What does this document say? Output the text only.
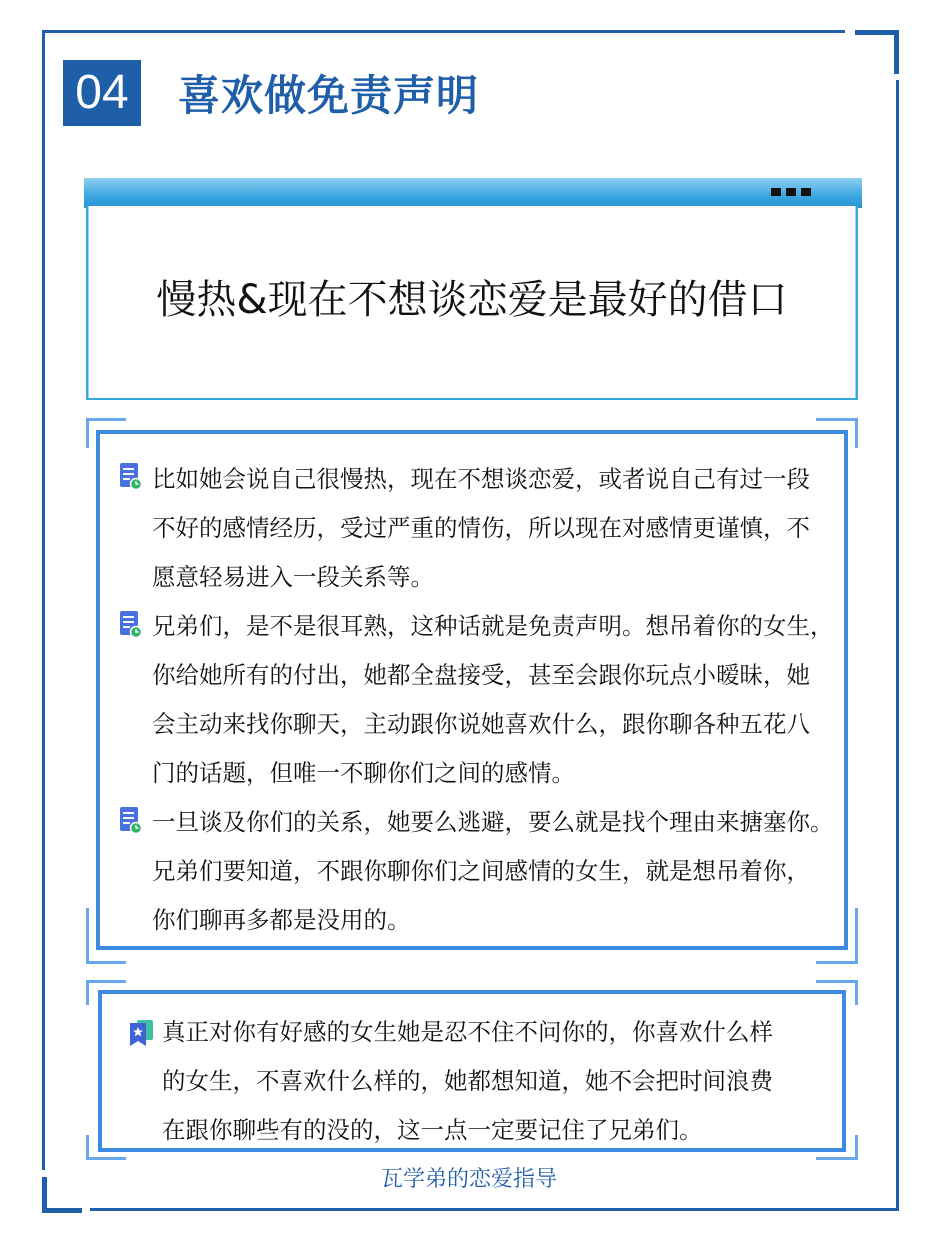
04 喜欢做免责声明
慢热&现在不想谈恋爱是最好的借口
比如她会说自己很慢热，现在不想谈恋爱，或者说自己有过一段
不好的感情经历，受过严重的情伤，所以现在对感情更谨慎，不
愿意轻易进入一段关系等。
兄弟们，是不是很耳熟，这种话就是免责声明。想吊着你的女生，
你给她所有的付出，她都全盘接受，甚至会跟你玩点小暧昧，她
会主动来找你聊天，主动跟你说她喜欢什么，跟你聊各种五花八
门的话题，但唯一不聊你们之间的感情。
一旦谈及你们的关系，她要么逃避，要么就是找个理由来搪塞你。
兄弟们要知道，不跟你聊你们之间感情的女生，就是想吊着你，
你们聊再多都是没用的。
真正对你有好感的女生她是忍不住不问你的，你喜欢什么样
的女生，不喜欢什么样的，她都想知道，她不会把时间浪费
在跟你聊些有的没的，这一点一定要记住了兄弟们。
瓦学弟的恋爱指导
